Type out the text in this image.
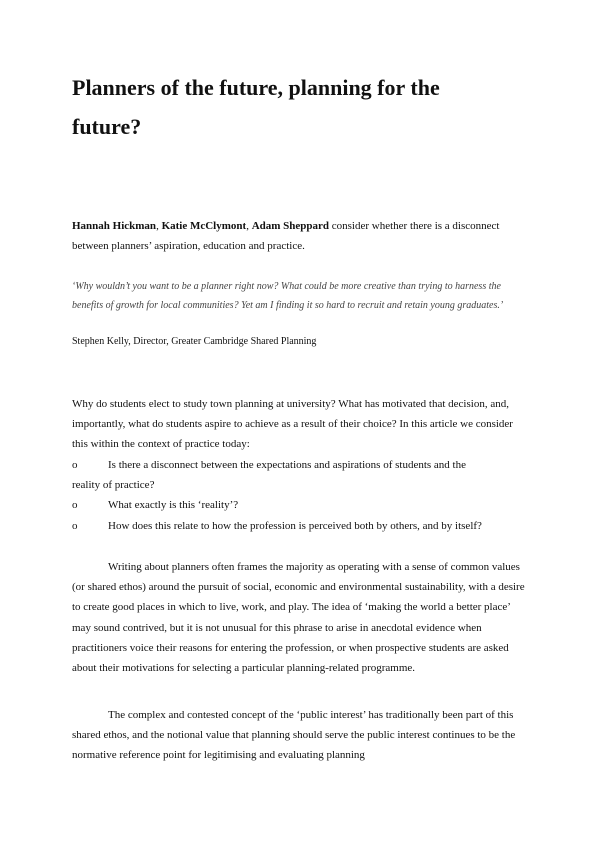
Planners of the future, planning for the
future?

Hannah Hickman, Katie McClymont, Adam Sheppard consider whether there is a disconnect between planners’ aspiration, education and practice.

‘Why wouldn’t you want to be a planner right now? What could be more creative than trying to harness the benefits of growth for local communities? Yet am I finding it so hard to recruit and retain young graduates.’

Stephen Kelly, Director, Greater Cambridge Shared Planning

Why do students elect to study town planning at university? What has motivated that decision, and, importantly, what do students aspire to achieve as a result of their choice? In this article we consider this within the context of practice today:

o	Is there a disconnect between the expectations and aspirations of students and the
reality of practice?
o	What exactly is this ‘reality’?
o	How does this relate to how the profession is perceived both by others, and by itself?

Writing about planners often frames the majority as operating with a sense of common values (or shared ethos) around the pursuit of social, economic and environmental sustainability, with a desire to create good places in which to live, work, and play. The idea of ‘making the world a better place’ may sound contrived, but it is not unusual for this phrase to arise in anecdotal evidence when practitioners voice their reasons for entering the profession, or when prospective students are asked about their motivations for selecting a particular planning-related programme.

The complex and contested concept of the ‘public interest’ has traditionally been part of this shared ethos, and the notional value that planning should serve the public interest continues to be the normative reference point for legitimising and evaluating planning
